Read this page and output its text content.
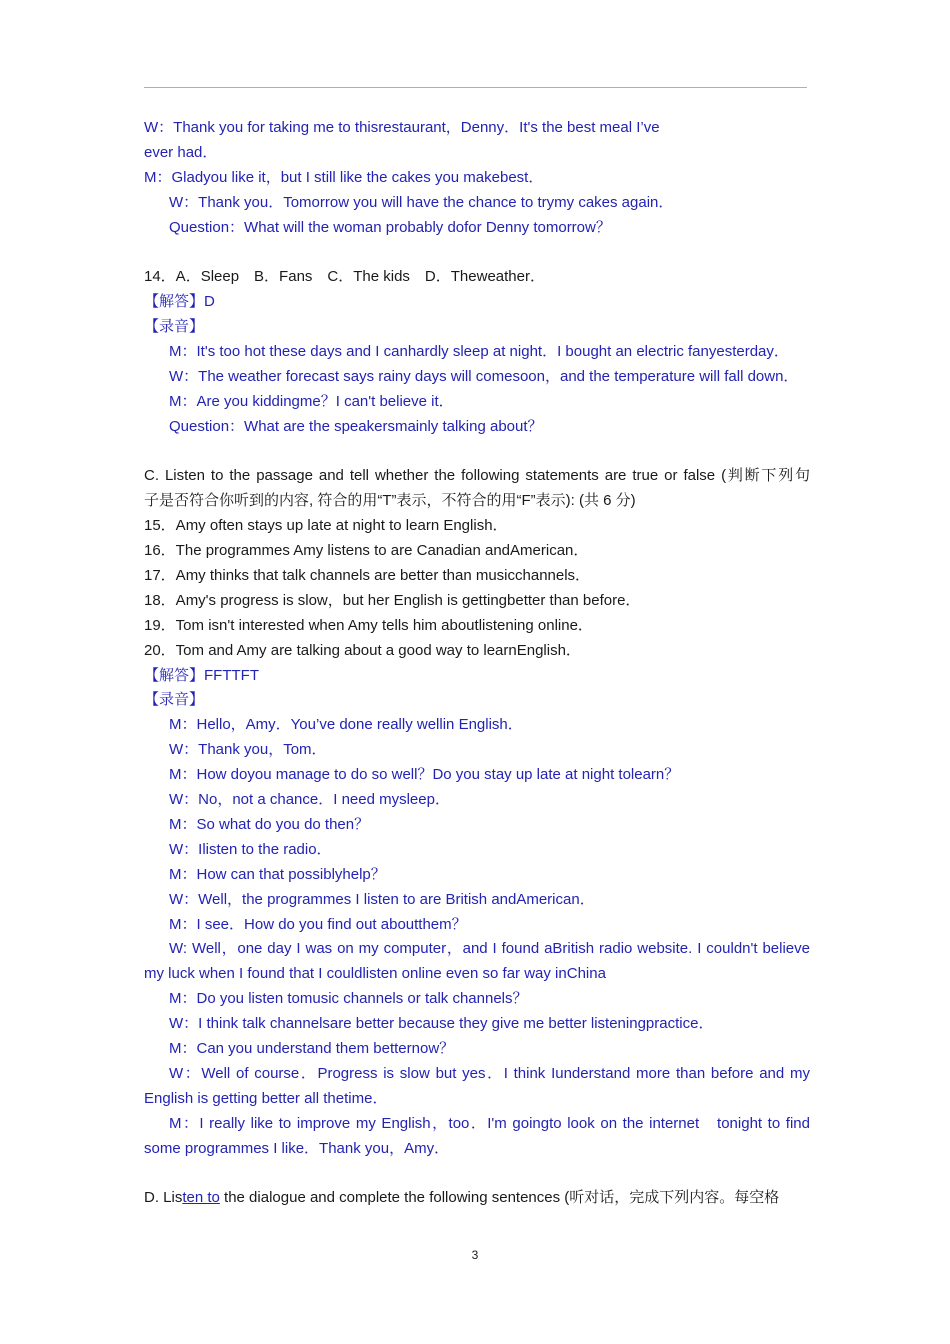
W：Thank you for taking me to thisrestaurant，Denny．It's the best meal I’ve
ever had．
M：Gladyou like it，but I still like the cakes you makebest．
W：Thank you．Tomorrow you will have the chance to trymy cakes again．
Question：What will the woman probably dofor Denny tomorrow？
14．A．Sleep　B．Fans　C．The kids　D．Theweather．
【解答】D
【录音】
M：It's too hot these days and I canhardly sleep at night．I bought an electric fanyesterday．
W：The weather forecast says rainy days will comesoon，and the temperature will fall down．
M：Are you kiddingme？I can't believe it．
Question：What are the speakersmainly talking about？
C. Listen to the passage and tell whether the following statements are true or false (判断下列句
子是否符合你听到的内容, 符合的用“T”表示，不符合的用“F”表示): (共 6 分)
15．Amy often stays up late at night to learn English．
16．The programmes Amy listens to are Canadian andAmerican．
17．Amy thinks that talk channels are better than musicchannels．
18．Amy's progress is slow，but her English is gettingbetter than before．
19．Tom isn't interested when Amy tells him aboutlistening online．
20．Tom and Amy are talking about a good way to learnEnglish．
【解答】FFTTFT
【录音】
M：Hello，Amy．You’ve done really wellin English．
W：Thank you，Tom．
M：How doyou manage to do so well？Do you stay up late at night tolearn？
W：No，not a chance．I need mysleep．
M：So what do you do then？
W：Ilisten to the radio．
M：How can that possiblyhelp？
W：Well，the programmes I listen to are British andAmerican．
M：I see．How do you find out aboutthem？
W: Well，one day I was on my computer，and I found aBritish radio website. I couldn't believe
my luck when I found that I couldlisten online even so far way inChina
M：Do you listen tomusic channels or talk channels？
W：I think talk channelsare better because they give me better listeningpractice．
M：Can you understand them betternow？
W：Well of course．Progress is slow but yes．I think Iunderstand more than before and my
English is getting better all thetime．
M：I really like to improve my English，too．I'm goingto look on the internet　tonight to find
some programmes I like．Thank you，Amy．
D. Listen to the dialogue and complete the following sentences (听对话，完成下列内容。每空格
3
